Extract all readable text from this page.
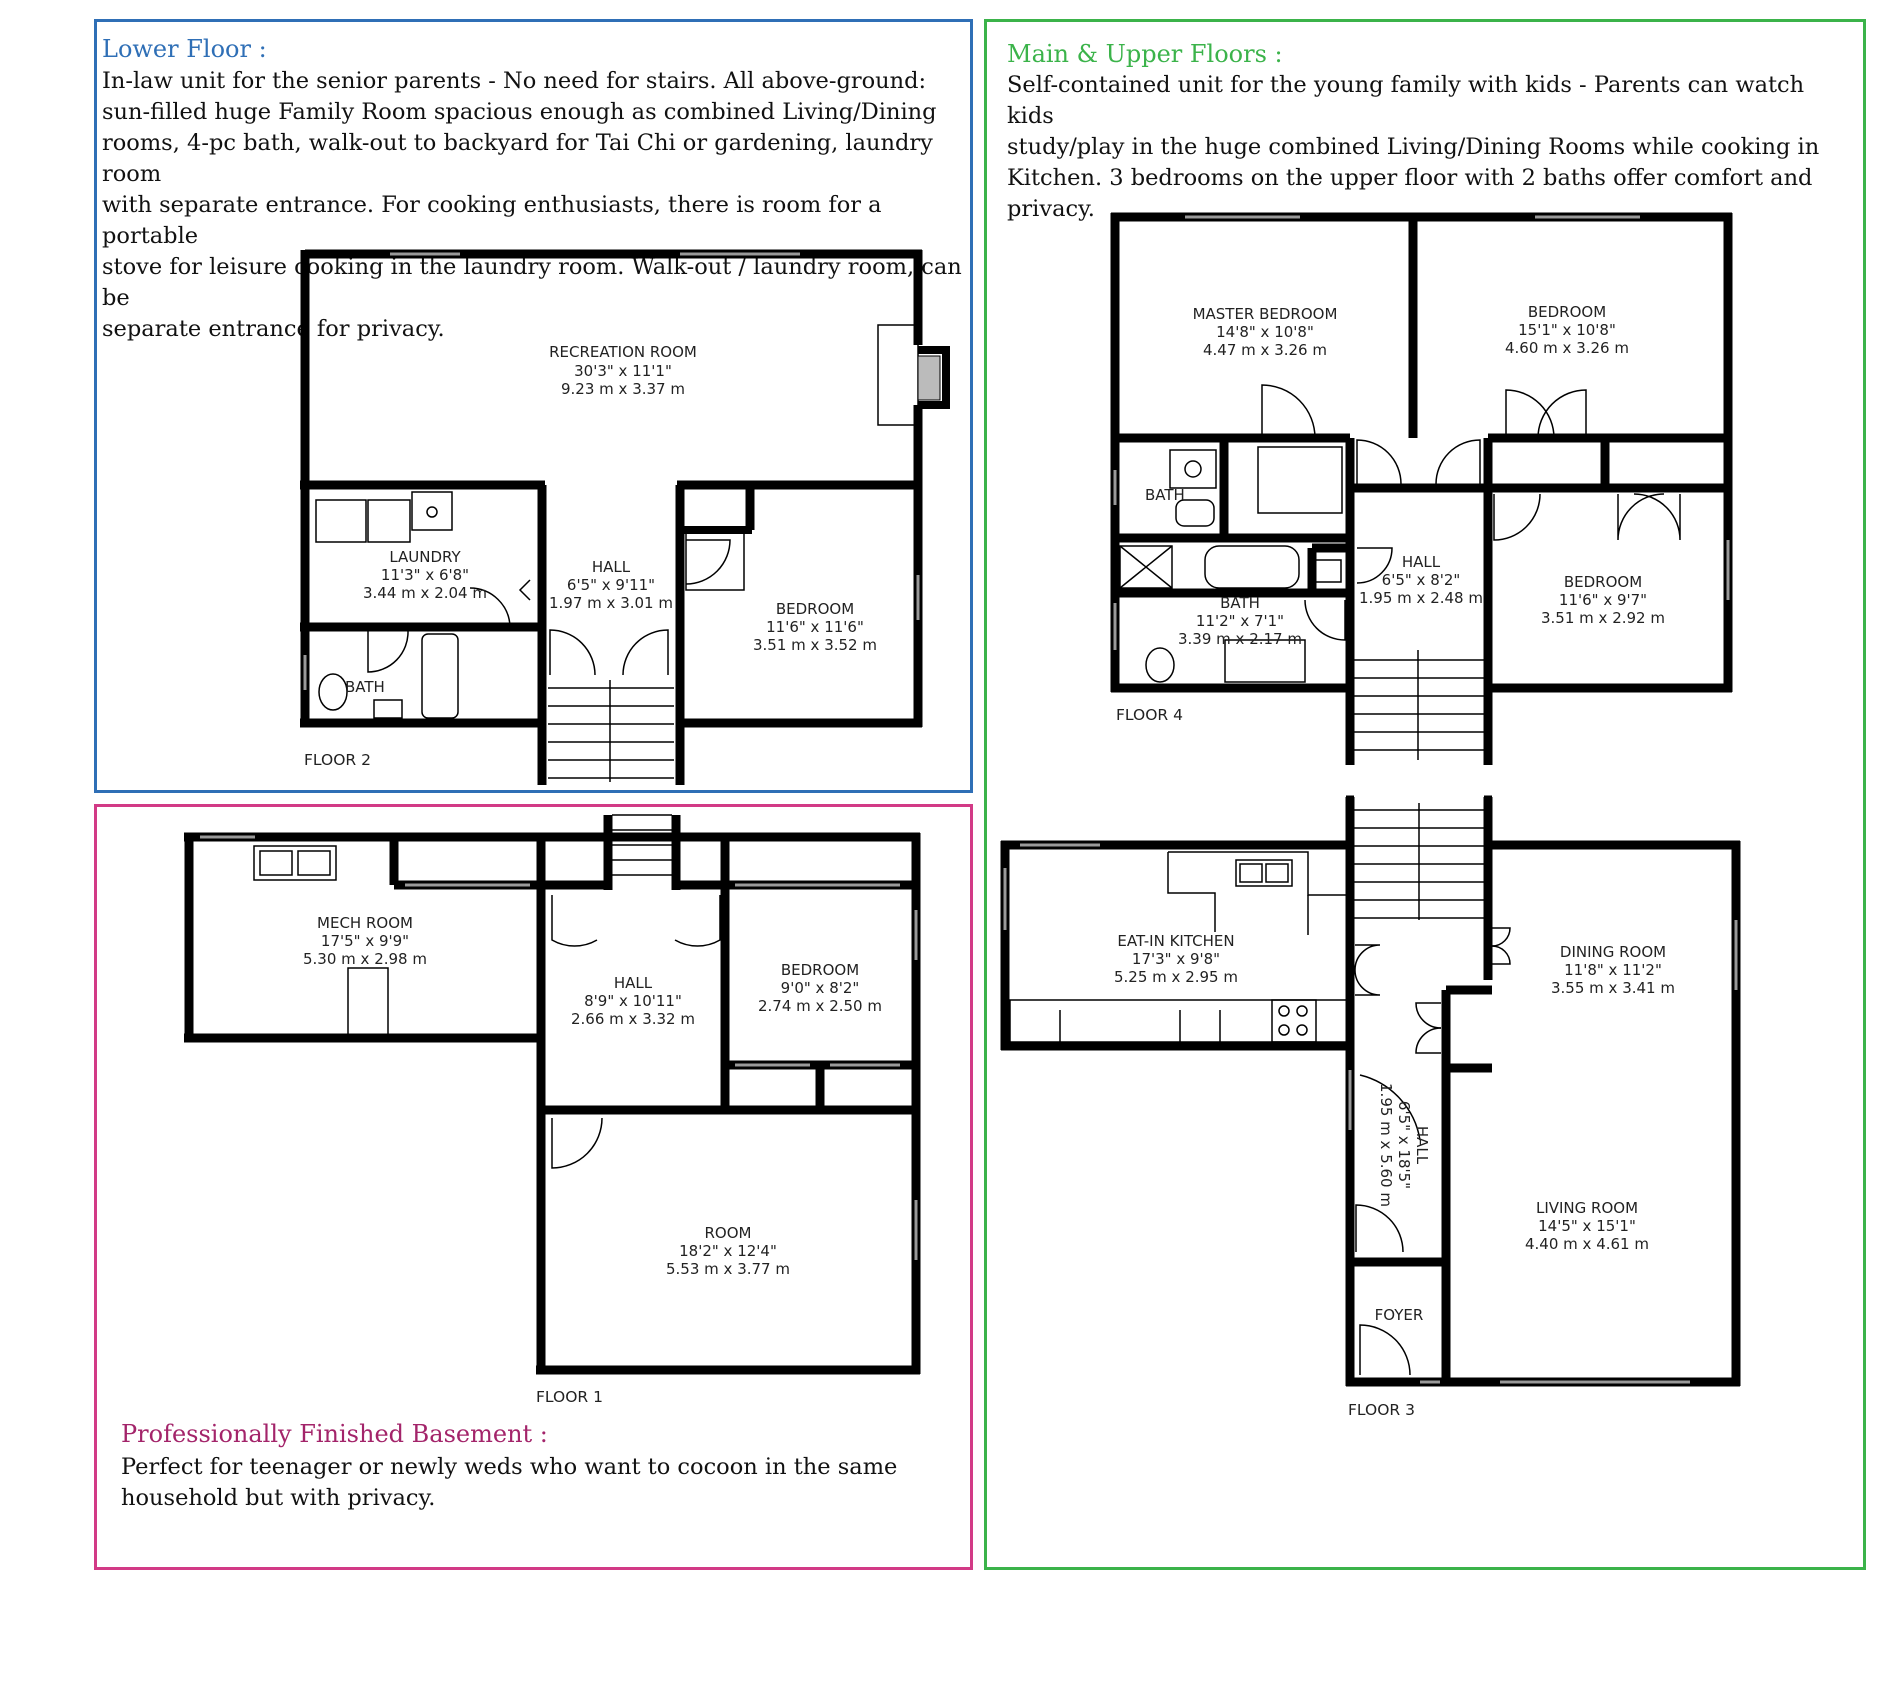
Lower Floor :
In-law unit for the senior parents - No need for stairs. All above-ground:
sun-filled huge Family Room spacious enough as combined Living/Dining
rooms, 4-pc bath, walk-out to backyard for Tai Chi or gardening, laundry room
with separate entrance. For cooking enthusiasts, there is room for a portable
stove for leisure cooking in the laundry room. Walk-out / laundry room, can be
separate entrance for privacy.
Main & Upper Floors :
Self-contained unit for the young family with kids - Parents can watch kids
study/play in the huge combined Living/Dining Rooms while cooking in
Kitchen. 3 bedrooms on the upper floor with 2 baths offer comfort and
privacy.
Professionally Finished Basement :
Perfect for teenager or newly weds who want to cocoon in the same
household but with privacy.
RECREATION ROOM
30'3" x 11'1"
9.23 m x 3.37 m
LAUNDRY
11'3" x 6'8"
3.44 m x 2.04 m
HALL
6'5" x 9'11"
1.97 m x 3.01 m	BEDROOM
11'6" x 11'6"
3.51 m x 3.52 m
BATH
FLOOR 2
MECH ROOM
17'5" x 9'9"
5.30 m x 2.98 m
HALL
8'9" x 10'11"
2.66 m x 3.32 m
BEDROOM
9'0" x 8'2"
2.74 m x 2.50 m
ROOM
18'2" x 12'4"
5.53 m x 3.77 m
FLOOR 1
MASTER BEDROOM
14'8" x 10'8"
4.47 m x 3.26 m
BEDROOM
15'1" x 10'8"
4.60 m x 3.26 m
BATH
HALL
6'5" x 8'2"
1.95 m x 2.48 m
BEDROOM
11'6" x 9'7"
3.51 m x 2.92 m
BATH
11'2" x 7'1"
3.39 m x 2.17 m
FLOOR 4
EAT-IN KITCHEN
17'3" x 9'8"
5.25 m x 2.95 m
DINING ROOM
11'8" x 11'2"
3.55 m x 3.41 m
HALL
6'5" x 18'5"
1.95 m x 5.60 m
LIVING ROOM
14'5" x 15'1"
4.40 m x 4.61 m
FOYER
FLOOR 3
